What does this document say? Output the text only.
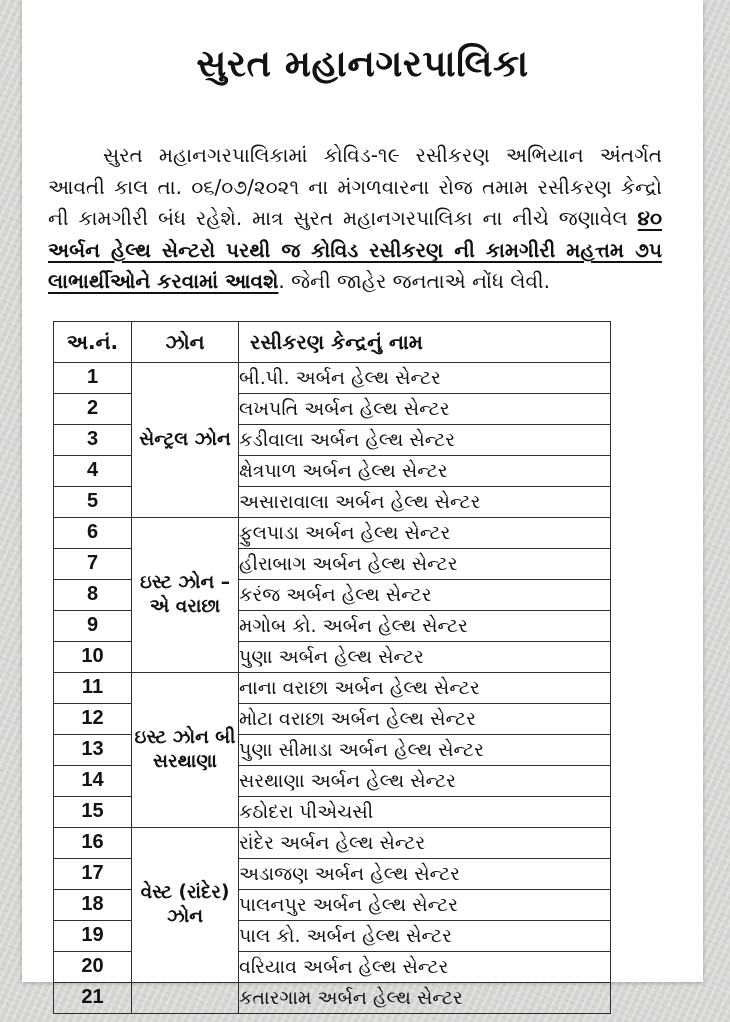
સુરત મહાનગરપાલિકા
સુરત મહાનગરપાલિકામાં કોવિડ-૧૯ રસીકરણ અભિયાન અંતર્ગત આવતી કાલ તા. ૦૬/૦૭/૨૦૨૧ ના મંગળવારના રોજ તમામ રસીકરણ કેન્દ્રો ની કામગીરી બંધ રહેશે. માત્ર સુરત મહાનગરપાલિકા ના નીચે જણાવેલ ૪૦ અર્બન હેલ્થ સેન્ટરો પરથી જ કોવિડ રસીકરણ ની કામગીરી મહત્તમ ૭૫ લાભાર્થીઓને કરવામાં આવશે. જેની જાહેર જનતાએ નોંધ લેવી.
અ.નં.	ઝોન	રસીકરણ કેન્દ્રનું નામ
1	સેન્ટ્રલ ઝોન	બી.પી. અર્બન હેલ્થ સેન્ટર
2		લખપતિ અર્બન હેલ્થ સેન્ટર
3		કડીવાલા અર્બન હેલ્થ સેન્ટર
4		ક્ષેત્રપાળ અર્બન હેલ્થ સેન્ટર
5		અસારાવાલા અર્બન હેલ્થ સેન્ટર
6	ઇસ્ટ ઝોન – એ વરાછા	ફુલપાડા અર્બન હેલ્થ સેન્ટર
7		હીરાબાગ અર્બન હેલ્થ સેન્ટર
8		કરંજ અર્બન હેલ્થ સેન્ટર
9		મગોબ કો. અર્બન હેલ્થ સેન્ટર
10		પુણા અર્બન હેલ્થ સેન્ટર
11	ઇસ્ટ ઝોન બી સરથાણા	નાના વરાછા અર્બન હેલ્થ સેન્ટર
12		મોટા વરાછા અર્બન હેલ્થ સેન્ટર
13		પુણા સીમાડા અર્બન હેલ્થ સેન્ટર
14		સરથાણા અર્બન હેલ્થ સેન્ટર
15		કઠોદરા પીએચસી
16	વેસ્ટ (રાંદેર) ઝોન	રાંદેર અર્બન હેલ્થ સેન્ટર
17		અડાજણ અર્બન હેલ્થ સેન્ટર
18		પાલનપુર અર્બન હેલ્થ સેન્ટર
19		પાલ કો. અર્બન હેલ્થ સેન્ટર
20		વરિયાવ અર્બન હેલ્થ સેન્ટર
21		કતારગામ અર્બન હેલ્થ સેન્ટર
